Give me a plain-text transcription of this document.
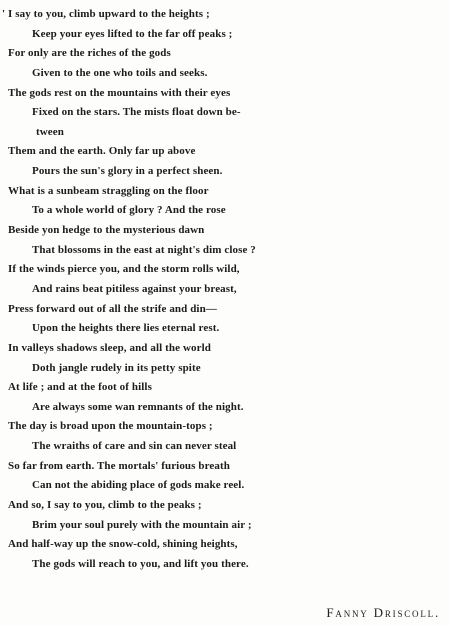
' I say to you, climb upward to the heights ;
Keep your eyes lifted to the far off peaks ;
For only are the riches of the gods
Given to the one who toils and seeks.
The gods rest on the mountains with their eyes
Fixed on the stars. The mists float down be-
tween
Them and the earth. Only far up above
Pours the sun's glory in a perfect sheen.
What is a sunbeam straggling on the floor
To a whole world of glory ? And the rose
Beside yon hedge to the mysterious dawn
That blossoms in the east at night's dim close ?
If the winds pierce you, and the storm rolls wild,
And rains beat pitiless against your breast,
Press forward out of all the strife and din—
Upon the heights there lies eternal rest.
In valleys shadows sleep, and all the world
Doth jangle rudely in its petty spite
At life ; and at the foot of hills
Are always some wan remnants of the night.
The day is broad upon the mountain-tops ;
The wraiths of care and sin can never steal
So far from earth. The mortals' furious breath
Can not the abiding place of gods make reel.
And so, I say to you, climb to the peaks ;
Brim your soul purely with the mountain air ;
And half-way up the snow-cold, shining heights,
The gods will reach to you, and lift you there.
Fanny Driscoll.
